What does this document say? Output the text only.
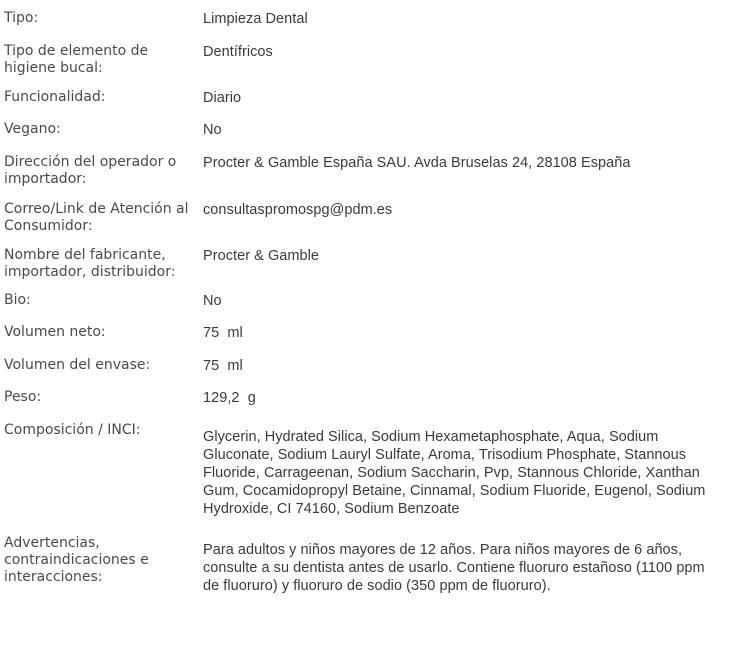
Tipo:	Limpieza Dental
Tipo de elemento de higiene bucal:
Dentífricos
Funcionalidad:	Diario
Vegano:	No
Dirección del operador o importador:
Procter & Gamble España SAU. Avda Bruselas 24, 28108 España
Correo/Link de Atención al Consumidor:
consultaspromospg@pdm.es
Nombre del fabricante, importador, distribuidor:
Procter & Gamble
Bio:	No
Volumen neto:	75  ml
Volumen del envase:	75  ml
Peso:	129,2  g
Composición / INCI:	Glycerin, Hydrated Silica, Sodium Hexametaphosphate, Aqua, Sodium Gluconate, Sodium Lauryl Sulfate, Aroma, Trisodium Phosphate, Stannous Fluoride, Carrageenan, Sodium Saccharin, Pvp, Stannous Chloride, Xanthan Gum, Cocamidopropyl Betaine, Cinnamal, Sodium Fluoride, Eugenol, Sodium Hydroxide, CI 74160, Sodium Benzoate
Advertencias, contraindicaciones e interacciones:
Para adultos y niños mayores de 12 años. Para niños mayores de 6 años, consulte a su dentista antes de usarlo. Contiene fluoruro estañoso (1100 ppm de fluoruro) y fluoruro de sodio (350 ppm de fluoruro).
